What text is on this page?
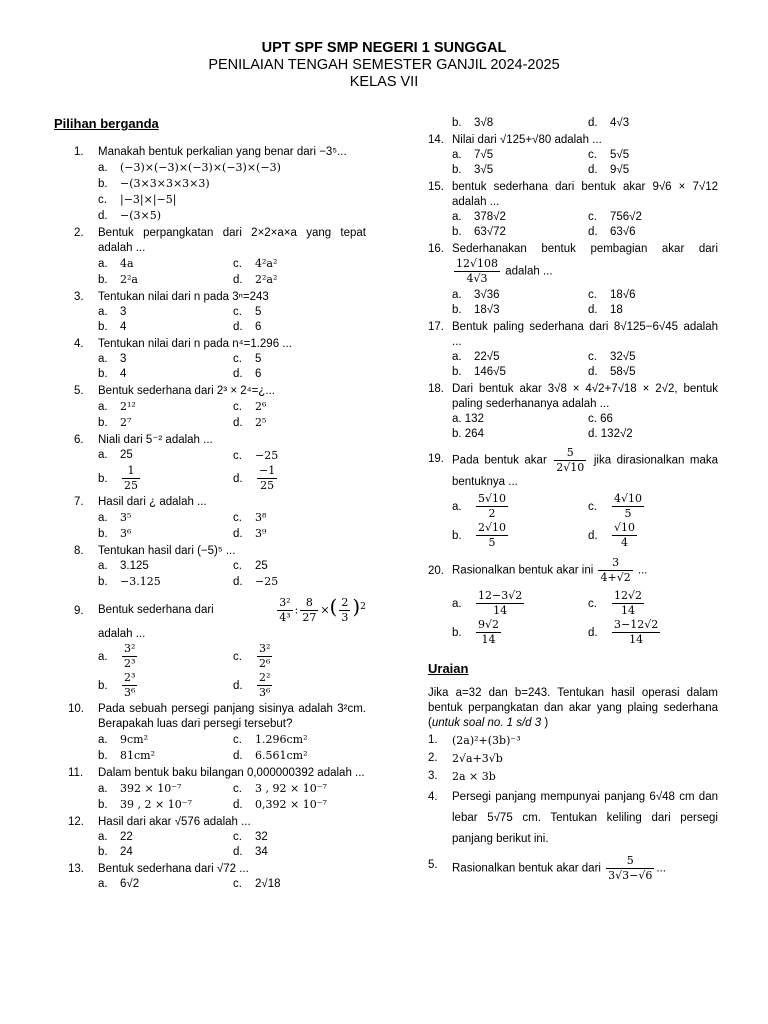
UPT SPF SMP NEGERI 1 SUNGGAL
PENILAIAN TENGAH SEMESTER GANJIL 2024-2025
KELAS VII
Pilihan berganda
1. Manakah bentuk perkalian yang benar dari −3⁵...
a. (−3)×(−3)×(−3)×(−3)×(−3)
b. −(3×3×3×3×3)
c. |−3|×|−5|
d. −(3×5)
2. Bentuk perpangkatan dari 2×2×a×a yang tepat adalah ...
a. 4a	c. 4²a²
b. 2²a	d. 2²a²
3. Tentukan nilai dari n pada 3ⁿ=243
a. 3	c. 5
b. 4	d. 6
4. Tentukan nilai dari n pada n⁴=1.296 ...
a. 3	c. 5
b. 4	d. 6
5. Bentuk sederhana dari 2³ × 2⁴=¿...
a. 2¹²	c. 2⁶
b. 2⁷	d. 2⁵
6. Niali dari 5⁻² adalah ...
a. 25	c. −25
b. $\frac{1}{25}$	d. $\frac{-1}{25}$
7. Hasil dari ¿ adalah ...
a. 3⁵	c. 3⁸
b. 3⁶	d. 3⁹
8. Tentukan hasil dari (−5)⁵ ...
a. 3.125	c. 25
b. −3.125	d. −25
9. Bentuk sederhana dari	$\frac{\text{3²}}{\text{4³}}$ : $\frac{8}{27}$ ×( $\frac{2}{3} )^2$
adalah ...
a. $\frac{\text{3²}}{\text{2³}}$	c. $\frac{\text{3²}}{\text{2⁶}}$
b. $\frac{\text{2³}}{\text{3⁶}}$	d. $\frac{\text{2²}}{\text{3⁶}}$
10. Pada sebuah persegi panjang sisinya adalah 3²cm. Berapakah luas dari persegi tersebut?
a. 9cm²	c. 1.296cm²
b. 81cm²	d. 6.561cm²
11. Dalam bentuk baku bilangan 0,000000392 adalah ...
a. 392 × 10⁻⁷	c. 3 , 92 × 10⁻⁷
b. 39 , 2 × 10⁻⁷	d. 0,392 × 10⁻⁷
12. Hasil dari akar √576 adalah ...
a. 22	c. 32
b. 24	d. 34
13. Bentuk sederhana dari √72 ...
a. 6√2	c. 2√18
b. 3√8	d. 4√3
14. Nilai dari √125+√80 adalah ...
a. 7√5	c. 5√5
b. 3√5	d. 9√5
15. bentuk sederhana dari bentuk akar 9√6 × 7√12 adalah ...
a. 378√2	c. 756√2
b. 63√72	d. 63√6
16. Sederhanakan bentuk pembagian akar dari
$\frac{12√108}{4√3}$ adalah ...
a. 3√36	c. 18√6
b. 18√3	d. 18
17. Bentuk paling sederhana dari 8√125−6√45 adalah ...
a. 22√5	c. 32√5
b. 146√5	d. 58√5
18. Dari bentuk akar 3√8 × 4√2+7√18 × 2√2, bentuk paling sederhananya adalah ...
a. 132	c. 66
b. 264	d. 132√2
19. Pada bentuk akar $\frac{5}{2√10}$ jika dirasionalkan maka bentuknya ...
a. $\frac{5√10}{2}$	c. $\frac{4√10}{5}$
b. $\frac{2√10}{5}$	d. $\frac{√10}{4}$
20. Rasionalkan bentuk akar ini $\frac{3}{4+√2}$ ...
a. $\frac{12-3√2}{14}$	c. $\frac{12√2}{14}$
b. $\frac{9√2}{14}$	d. $\frac{3-12√2}{14}$
Uraian
Jika a=32 dan b=243. Tentukan hasil operasi dalam bentuk perpangkatan dan akar yang plaing sederhana (untuk soal no. 1 s/d 3 )
1. (2a)²+(3b)⁻³
2. 2√a+3√b
3. 2a × 3b
4. Persegi panjang mempunyai panjang 6√48 cm dan lebar 5√75 cm. Tentukan keliling dari persegi panjang berikut ini.
5. Rasionalkan bentuk akar dari $\frac{5}{3√3-√6}$ ...
